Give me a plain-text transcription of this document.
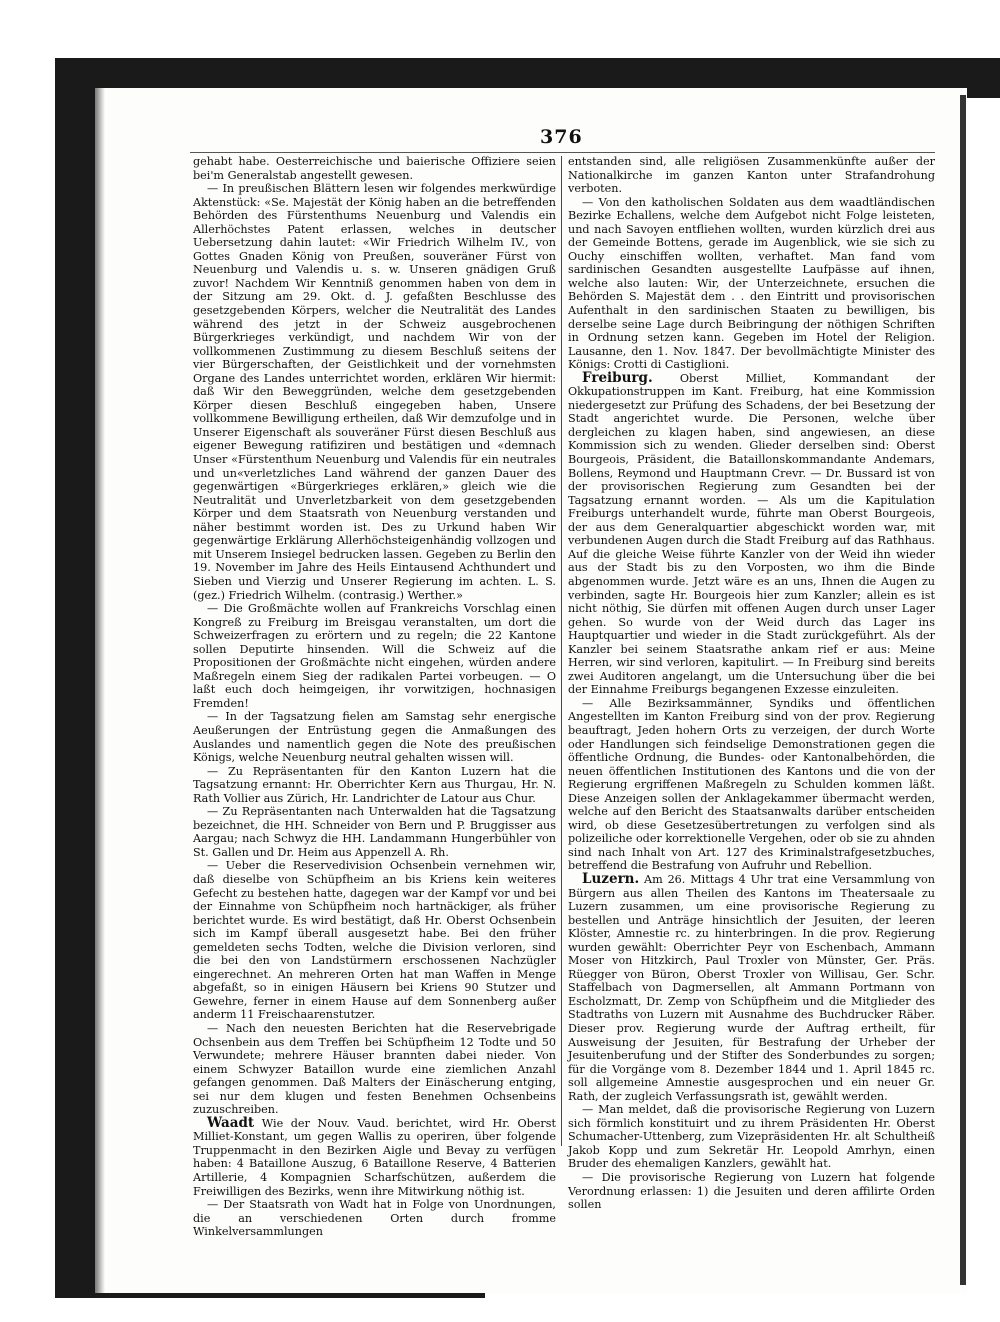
376

gehabt habe. Oesterreichische und baierische Offiziere seien bei'm Generalstab angestellt gewesen.

— In preußischen Blättern lesen wir folgendes merkwürdige Aktenstück: «Se. Majestät der König haben an die betreffenden Behörden des Fürstenthums Neuenburg und Valendis ein Allerhöchstes Patent erlassen, welches in deutscher Uebersetzung dahin lautet: «Wir Friedrich Wilhelm IV., von Gottes Gnaden König von Preußen, souveräner Fürst von Neuenburg und Valendis u. s. w. Unseren gnädigen Gruß zuvor! Nachdem Wir Kenntniß genommen haben von dem in der Sitzung am 29. Okt. d. J. gefaßten Beschlusse des gesetzgebenden Körpers, welcher die Neutralität des Landes während des jetzt in der Schweiz ausgebrochenen Bürgerkrieges verkündigt, und nachdem Wir von der vollkommenen Zustimmung zu diesem Beschluß seitens der vier Bürgerschaften, der Geistlichkeit und der vornehmsten Organe des Landes unterrichtet worden, erklären Wir hiermit: daß Wir den Beweggründen, welche dem gesetzgebenden Körper diesen Beschluß eingegeben haben, Unsere vollkommene Bewilligung ertheilen, daß Wir demzufolge und in Unserer Eigenschaft als souveräner Fürst diesen Beschluß aus eigener Bewegung ratifiziren und bestätigen und «demnach Unser «Fürstenthum Neuenburg und Valendis für ein neutrales und un«verletzliches Land während der ganzen Dauer des gegenwärtigen «Bürgerkrieges erklären,» gleich wie die Neutralität und Unverletzbarkeit von dem gesetzgebenden Körper und dem Staatsrath von Neuenburg verstanden und näher bestimmt worden ist. Des zu Urkund haben Wir gegenwärtige Erklärung Allerhöchsteigenhändig vollzogen und mit Unserem Insiegel bedrucken lassen. Gegeben zu Berlin den 19. November im Jahre des Heils Eintausend Achthundert und Sieben und Vierzig und Unserer Regierung im achten. L. S. (gez.) Friedrich Wilhelm. (contrasig.) Werther.»

— Die Großmächte wollen auf Frankreichs Vorschlag einen Kongreß zu Freiburg im Breisgau veranstalten, um dort die Schweizerfragen zu erörtern und zu regeln; die 22 Kantone sollen Deputirte hinsenden. Will die Schweiz auf die Propositionen der Großmächte nicht eingehen, würden andere Maßregeln einem Sieg der radikalen Partei vorbeugen. — O laßt euch doch heimgeigen, ihr vorwitzigen, hochnasigen Fremden!

— In der Tagsatzung fielen am Samstag sehr energische Aeußerungen der Entrüstung gegen die Anmaßungen des Auslandes und namentlich gegen die Note des preußischen Königs, welche Neuenburg neutral gehalten wissen will.

— Zu Repräsentanten für den Kanton Luzern hat die Tagsatzung ernannt: Hr. Oberrichter Kern aus Thurgau, Hr. N. Rath Vollier aus Zürich, Hr. Landrichter de Latour aus Chur.

— Zu Repräsentanten nach Unterwalden hat die Tagsatzung bezeichnet, die HH. Schneider von Bern und P. Bruggisser aus Aargau; nach Schwyz die HH. Landammann Hungerbühler von St. Gallen und Dr. Heim aus Appenzell A. Rh.

— Ueber die Reservedivision Ochsenbein vernehmen wir, daß dieselbe von Schüpfheim an bis Kriens kein weiteres Gefecht zu bestehen hatte, dagegen war der Kampf vor und bei der Einnahme von Schüpfheim noch hartnäckiger, als früher berichtet wurde. Es wird bestätigt, daß Hr. Oberst Ochsenbein sich im Kampf überall ausgesetzt habe. Bei den früher gemeldeten sechs Todten, welche die Division verloren, sind die bei den von Landstürmern erschossenen Nachzügler eingerechnet. An mehreren Orten hat man Waffen in Menge abgefaßt, so in einigen Häusern bei Kriens 90 Stutzer und Gewehre, ferner in einem Hause auf dem Sonnenberg außer anderm 11 Freischaarenstutzer.

— Nach den neuesten Berichten hat die Reservebrigade Ochsenbein aus dem Treffen bei Schüpfheim 12 Todte und 50 Verwundete; mehrere Häuser brannten dabei nieder. Von einem Schwyzer Bataillon wurde eine ziemlichen Anzahl gefangen genommen. Daß Malters der Einäscherung entging, sei nur dem klugen und festen Benehmen Ochsenbeins zuzuschreiben.

Waadt Wie der Nouv. Vaud. berichtet, wird Hr. Oberst Milliet-Konstant, um gegen Wallis zu operiren, über folgende Truppenmacht in den Bezirken Aigle und Bevay zu verfügen haben: 4 Bataillone Auszug, 6 Bataillone Reserve, 4 Batterien Artillerie, 4 Kompagnien Scharfschützen, außerdem die Freiwilligen des Bezirks, wenn ihre Mitwirkung nöthig ist.

— Der Staatsrath von Wadt hat in Folge von Unordnungen, die an verschiedenen Orten durch fromme Winkelversammlungen

entstanden sind, alle religiösen Zusammenkünfte außer der Nationalkirche im ganzen Kanton unter Strafandrohung verboten.

— Von den katholischen Soldaten aus dem waadtländischen Bezirke Echallens, welche dem Aufgebot nicht Folge leisteten, und nach Savoyen entfliehen wollten, wurden kürzlich drei aus der Gemeinde Bottens, gerade im Augenblick, wie sie sich zu Ouchy einschiffen wollten, verhaftet. Man fand vom sardinischen Gesandten ausgestellte Laufpässe auf ihnen, welche also lauten: Wir, der Unterzeichnete, ersuchen die Behörden S. Majestät dem . . den Eintritt und provisorischen Aufenthalt in den sardinischen Staaten zu bewilligen, bis derselbe seine Lage durch Beibringung der nöthigen Schriften in Ordnung setzen kann. Gegeben im Hotel der Religion. Lausanne, den 1. Nov. 1847. Der bevollmächtigte Minister des Königs: Crotti di Castiglioni.

Freiburg. Oberst Milliet, Kommandant der Okkupationstruppen im Kant. Freiburg, hat eine Kommission niedergesetzt zur Prüfung des Schadens, der bei Besetzung der Stadt angerichtet wurde. Die Personen, welche über dergleichen zu klagen haben, sind angewiesen, an diese Kommission sich zu wenden. Glieder derselben sind: Oberst Bourgeois, Präsident, die Bataillonskommandante Andemars, Bollens, Reymond und Hauptmann Crevr. — Dr. Bussard ist von der provisorischen Regierung zum Gesandten bei der Tagsatzung ernannt worden. — Als um die Kapitulation Freiburgs unterhandelt wurde, führte man Oberst Bourgeois, der aus dem Generalquartier abgeschickt worden war, mit verbundenen Augen durch die Stadt Freiburg auf das Rathhaus. Auf die gleiche Weise führte Kanzler von der Weid ihn wieder aus der Stadt bis zu den Vorposten, wo ihm die Binde abgenommen wurde. Jetzt wäre es an uns, Ihnen die Augen zu verbinden, sagte Hr. Bourgeois hier zum Kanzler; allein es ist nicht nöthig, Sie dürfen mit offenen Augen durch unser Lager gehen. So wurde von der Weid durch das Lager ins Hauptquartier und wieder in die Stadt zurückgeführt. Als der Kanzler bei seinem Staatsrathe ankam rief er aus: Meine Herren, wir sind verloren, kapitulirt. — In Freiburg sind bereits zwei Auditoren angelangt, um die Untersuchung über die bei der Einnahme Freiburgs begangenen Exzesse einzuleiten.

— Alle Bezirksammänner, Syndiks und öffentlichen Angestellten im Kanton Freiburg sind von der prov. Regierung beauftragt, Jeden hohern Orts zu verzeigen, der durch Worte oder Handlungen sich feindselige Demonstrationen gegen die öffentliche Ordnung, die Bundes- oder Kantonalbehörden, die neuen öffentlichen Institutionen des Kantons und die von der Regierung ergriffenen Maßregeln zu Schulden kommen läßt. Diese Anzeigen sollen der Anklagekammer übermacht werden, welche auf den Bericht des Staatsanwalts darüber entscheiden wird, ob diese Gesetzesübertretungen zu verfolgen sind als polizeiliche oder korrektionelle Vergehen, oder ob sie zu ahnden sind nach Inhalt von Art. 127 des Kriminalstrafgesetzbuches, betreffend die Bestrafung von Aufruhr und Rebellion.

Luzern. Am 26. Mittags 4 Uhr trat eine Versammlung von Bürgern aus allen Theilen des Kantons im Theatersaale zu Luzern zusammen, um eine provisorische Regierung zu bestellen und Anträge hinsichtlich der Jesuiten, der leeren Klöster, Amnestie rc. zu hinterbringen. In die prov. Regierung wurden gewählt: Oberrichter Peyr von Eschenbach, Ammann Moser von Hitzkirch, Paul Troxler von Münster, Ger. Präs. Rüegger von Büron, Oberst Troxler von Willisau, Ger. Schr. Staffelbach von Dagmersellen, alt Ammann Portmann von Escholzmatt, Dr. Zemp von Schüpfheim und die Mitglieder des Stadtraths von Luzern mit Ausnahme des Buchdrucker Räber. Dieser prov. Regierung wurde der Auftrag ertheilt, für Ausweisung der Jesuiten, für Bestrafung der Urheber der Jesuitenberufung und der Stifter des Sonderbundes zu sorgen; für die Vorgänge vom 8. Dezember 1844 und 1. April 1845 rc. soll allgemeine Amnestie ausgesprochen und ein neuer Gr. Rath, der zugleich Verfassungsrath ist, gewählt werden.

— Man meldet, daß die provisorische Regierung von Luzern sich förmlich konstituirt und zu ihrem Präsidenten Hr. Oberst Schumacher-Uttenberg, zum Vizepräsidenten Hr. alt Schultheiß Jakob Kopp und zum Sekretär Hr. Leopold Amrhyn, einen Bruder des ehemaligen Kanzlers, gewählt hat.

— Die provisorische Regierung von Luzern hat folgende Verordnung erlassen: 1) die Jesuiten und deren affilirte Orden sollen
